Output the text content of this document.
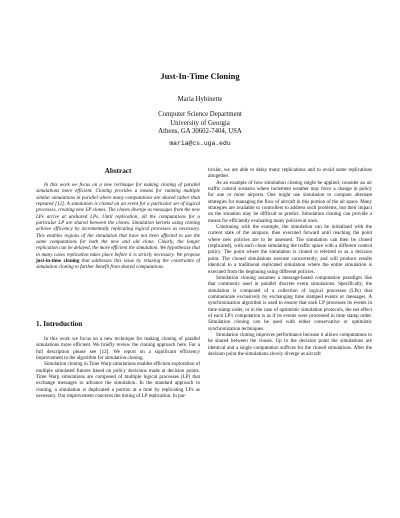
Just-In-Time Cloning
Maria Hybinette
Computer Science Department
University of Georgia
Athens, GA 30602-7404, USA
maria@cs.uga.edu
Abstract

In this work we focus on a new technique for making cloning of parallel simulations more efficient. Cloning provides a means for running multiple similar simulations in parallel where many computations are shared rather than repeated [12]. A simulation is cloned on an event for a particular set of logical processes, creating new LP clones. The clones diverge as messages from the new LPs arrive at unshared LPs. Until replication, all the computations for a particular LP are shared between the clones. Simulation kernels using cloning achieve efficiency by incrementally replicating logical processes as necessary. This enables regions of the simulation that have not been affected to use the same computations for both the new and old clone. Clearly, the longer replication can be delayed, the more efficient the simulation. We hypothesize that in many cases replication takes place before it is strictly necessary. We propose just-in-time cloning that addresses this issue by relaxing the constraints of simulation cloning to further benefit from shared computations.

1. Introduction

In this work we focus on a new technique for making cloning of parallel simulations more efficient. We briefly review the cloning approach here. For a full description please see [12]. We report on a significant efficiency improvement to the algorithm for simulation cloning.

Simulation cloning in Time Warp simulations enables efficient exploration of multiple simulated futures based on policy decisions made at decision points. Time Warp simulations are composed of multiple logical processes (LP) that exchange messages to advance the simulation. In the standard approach to cloning, a simulation is duplicated a portion at a time by replicating LPs as necessary. Our improvement concerns the timing of LP replication. In par-

ticular, we are able to delay many replications and to avoid some replications altogether.

As an example of how simulation cloning might be applied, consider an air traffic control scenario where inclement weather may force a change in policy for one or more airports. One might use simulation to compare alternate strategies for managing the flow of aircraft in this portion of the air space. Many strategies are available to controllers to address such problems, but their impact on the situation may be difficult to predict. Simulation cloning can provide a means for efficiently evaluating many policies at once.

Continuing with the example, the simulation can be initialized with the current state of the airspace, then executed forward until reaching the point where new policies are to be assessed. The simulation can then be cloned (replicated), with each clone simulating the traffic space with a different control policy. The point where the simulation is cloned is referred to as a decision point. The cloned simulations execute concurrently, and will produce results identical to a traditional replicated simulation where the entire simulation is executed from the beginning using different policies.

Simulation cloning assumes a message-based computation paradigm like that commonly used in parallel discrete event simulations. Specifically, the simulation is composed of a collection of logical processes (LPs) that communicate exclusively by exchanging time stamped events or messages. A synchronization algorithm is used to ensure that each LP processes its events in time stamp order, or in the case of optimistic simulation protocols, the net effect of each LP's computation is as if its events were processed in time stamp order. Simulation cloning can be used with either conservative or optimistic synchronization techniques.

Simulation cloning improves performance because it allows computations to be shared between the clones. Up to the decision point the simulations are identical and a single computation suffices for the cloned simulations. After the decision point the simulations slowly diverge as aircraft
